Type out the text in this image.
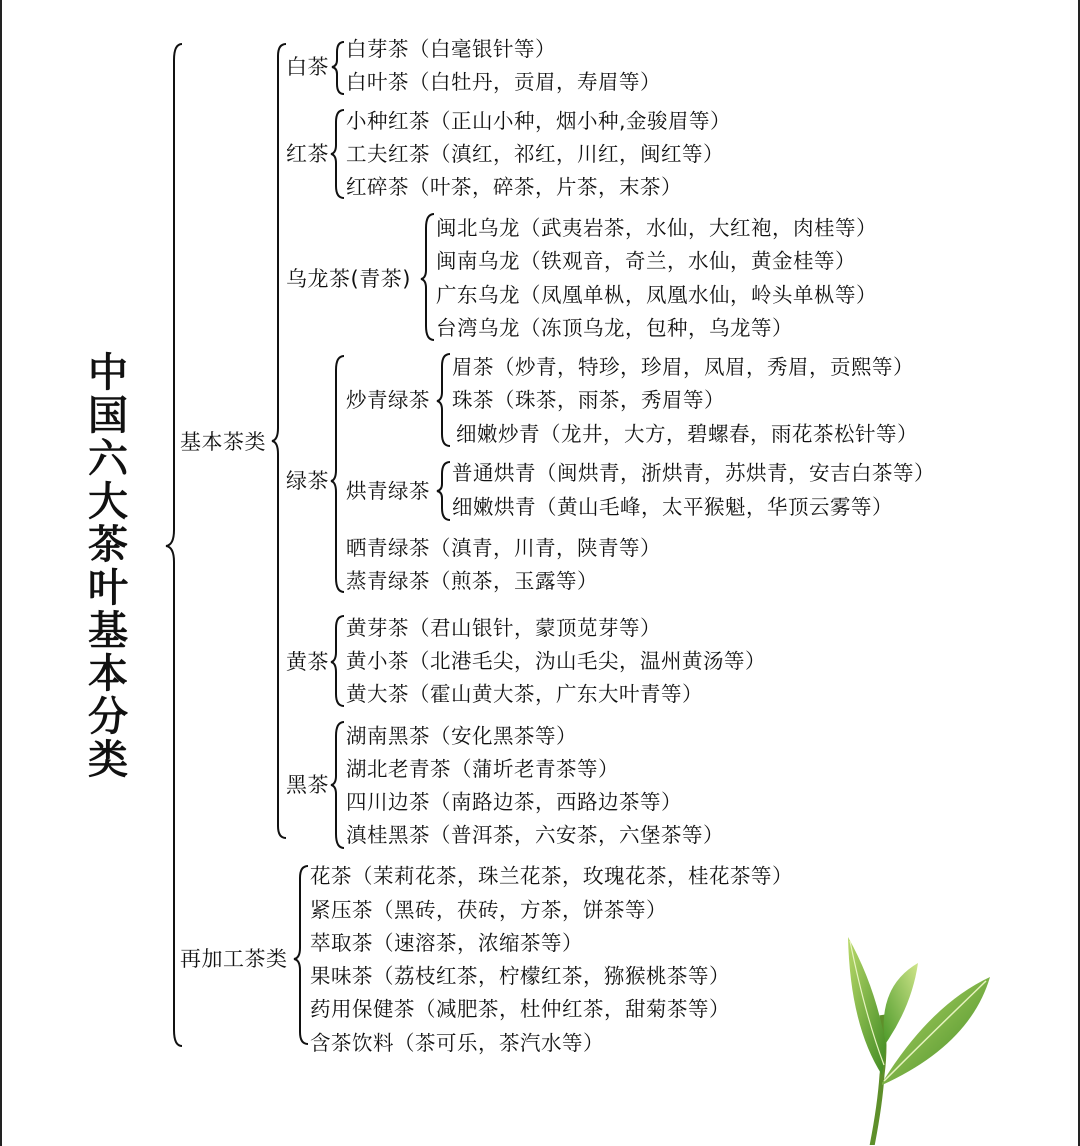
中国六大茶叶基本分类
基本茶类
再加工茶类
白茶
白芽茶（白毫银针等）
白叶茶（白牡丹，贡眉，寿眉等）
红茶
小种红茶（正山小种，烟小种,金骏眉等）
工夫红茶（滇红，祁红，川红，闽红等）
红碎茶（叶茶，碎茶，片茶，末茶）
乌龙茶(青茶)
闽北乌龙（武夷岩茶，水仙，大红袍，肉桂等）
闽南乌龙（铁观音，奇兰，水仙，黄金桂等）
广东乌龙（凤凰单枞，凤凰水仙，岭头单枞等）
台湾乌龙（冻顶乌龙，包种，乌龙等）
绿茶
炒青绿茶
眉茶（炒青，特珍，珍眉，凤眉，秀眉，贡熙等）
珠茶（珠茶，雨茶，秀眉等）
细嫩炒青（龙井，大方，碧螺春，雨花茶松针等）
烘青绿茶
普通烘青（闽烘青，浙烘青，苏烘青，安吉白茶等）
细嫩烘青（黄山毛峰，太平猴魁，华顶云雾等）
晒青绿茶（滇青，川青，陕青等）
蒸青绿茶（煎茶，玉露等）
黄茶
黄芽茶（君山银针，蒙顶苋芽等）
黄小茶（北港毛尖，沩山毛尖，温州黄汤等）
黄大茶（霍山黄大茶，广东大叶青等）
黑茶
湖南黑茶（安化黑茶等）
湖北老青茶（蒲圻老青茶等）
四川边茶（南路边茶，西路边茶等）
滇桂黑茶（普洱茶，六安茶，六堡茶等）
花茶（茉莉花茶，珠兰花茶，玫瑰花茶，桂花茶等）
紧压茶（黑砖，茯砖，方茶，饼茶等）
萃取茶（速溶茶，浓缩茶等）
果味茶（荔枝红茶，柠檬红茶，猕猴桃茶等）
药用保健茶（减肥茶，杜仲红茶，甜菊茶等）
含茶饮料（茶可乐，茶汽水等）
